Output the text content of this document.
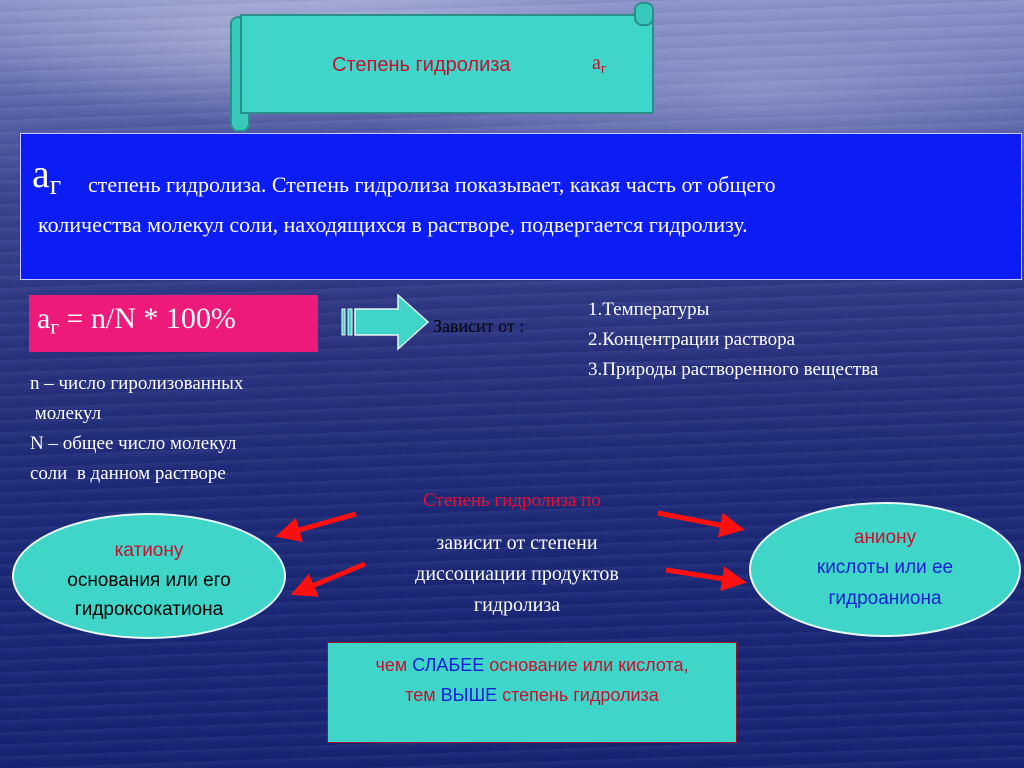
Степень гидролиза	$a_г$
$a_г$ степень гидролиза. Степень гидролиза показывает, какая часть от общего
количества молекул соли, находящихся в растворе, подвергается гидролизу.
$a_г = n/N * 100\%$
n – число гиролизованных
молекул
N – общее число молекул
соли  в данном растворе
Зависит от :
1.Температуры
2.Концентрации раствора
3.Природы растворенного вещества
Степень гидролиза по
зависит от степени
диссоциации продуктов
гидролиза
катиону
основания или его
гидроксокатиона
аниону
кислоты или ее
гидроаниона
чем СЛАБЕЕ основание или кислота,
тем ВЫШЕ степень гидролиза
